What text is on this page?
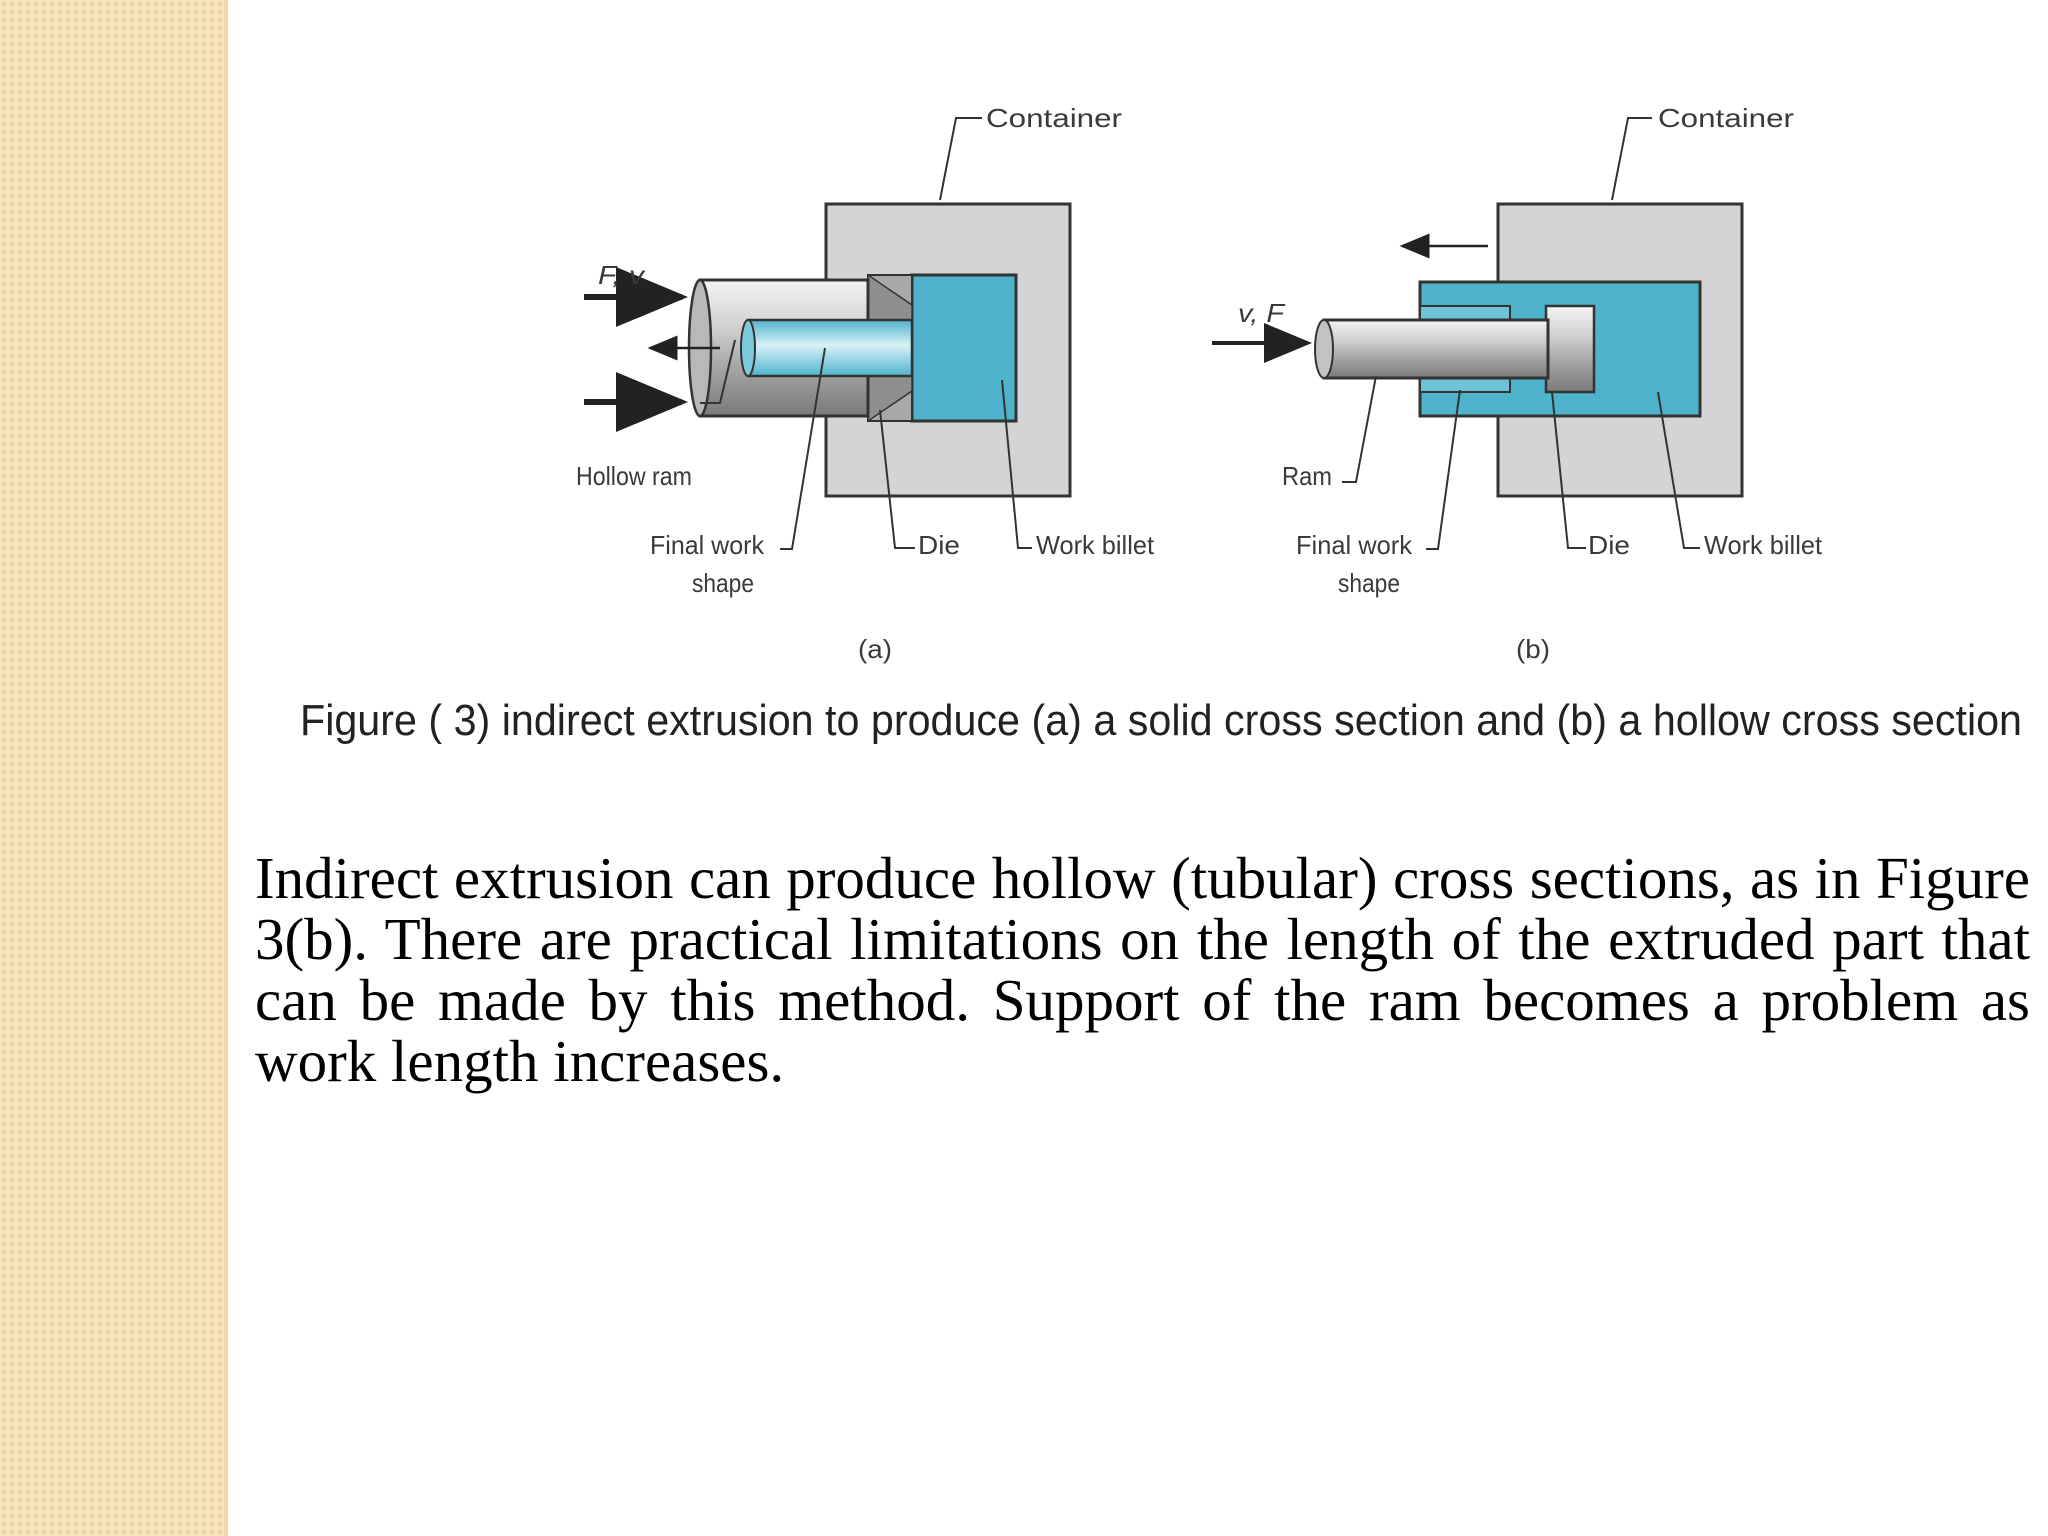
Container
F, v
Hollow ram
Final work
shape
Die	Work billet
(a)
Container
v, F
Ram
Final work
shape
Die	Work billet
(b)
Figure ( 3) indirect extrusion to produce (a) a solid cross section and (b) a hollow cross section
Indirect extrusion can produce hollow (tubular) cross sections, as in Figure 3(b). There are practical limitations on the length of the extruded part that can be made by this method. Support of the ram becomes a problem as work length increases.
